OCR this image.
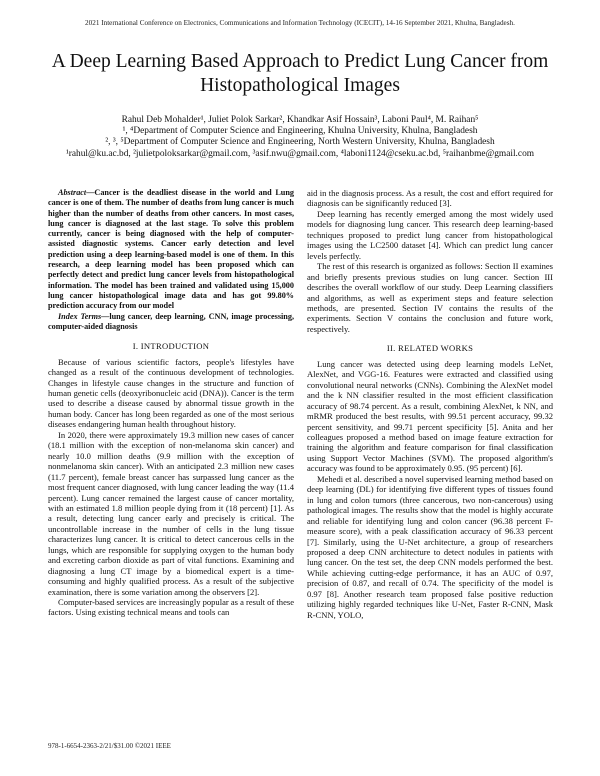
2021 International Conference on Electronics, Communications and Information Technology (ICECIT), 14-16 September 2021, Khulna, Bangladesh.
A Deep Learning Based Approach to Predict Lung Cancer from Histopathological Images
Rahul Deb Mohalder¹, Juliet Polok Sarkar², Khandkar Asif Hossain³, Laboni Paul⁴, M. Raihan⁵
¹, ⁴Department of Computer Science and Engineering, Khulna University, Khulna, Bangladesh
², ³, ⁵Department of Computer Science and Engineering, North Western University, Khulna, Bangladesh
¹rahul@ku.ac.bd, ²julietpoloksarkar@gmail.com, ³asif.nwu@gmail.com, ⁴laboni1124@cseku.ac.bd, ⁵raihanbme@gmail.com

Abstract—Cancer is the deadliest disease in the world and Lung cancer is one of them. The number of deaths from lung cancer is much higher than the number of deaths from other cancers. In most cases, lung cancer is diagnosed at the last stage. To solve this problem currently, cancer is being diagnosed with the help of computer-assisted diagnostic systems. Cancer early detection and level prediction using a deep learning-based model is one of them. In this research, a deep learning model has been proposed which can perfectly detect and predict lung cancer levels from histopathological information. The model has been trained and validated using 15,000 lung cancer histopathological image data and has got 99.80% prediction accuracy from our model

Index Terms—lung cancer, deep learning, CNN, image processing, computer-aided diagnosis

I. INTRODUCTION

Because of various scientific factors, people's lifestyles have changed as a result of the continuous development of technologies. Changes in lifestyle cause changes in the structure and function of human genetic cells (deoxyribonucleic acid (DNA)). Cancer is the term used to describe a disease caused by abnormal tissue growth in the human body. Cancer has long been regarded as one of the most serious diseases endangering human health throughout history.

In 2020, there were approximately 19.3 million new cases of cancer (18.1 million with the exception of non-melanoma skin cancer) and nearly 10.0 million deaths (9.9 million with the exception of nonmelanoma skin cancer). With an anticipated 2.3 million new cases (11.7 percent), female breast cancer has surpassed lung cancer as the most frequent cancer diagnosed, with lung cancer leading the way (11.4 percent). Lung cancer remained the largest cause of cancer mortality, with an estimated 1.8 million people dying from it (18 percent) [1]. As a result, detecting lung cancer early and precisely is critical. The uncontrollable increase in the number of cells in the lung tissue characterizes lung cancer. It is critical to detect cancerous cells in the lungs, which are responsible for supplying oxygen to the human body and excreting carbon dioxide as part of vital functions. Examining and diagnosing a lung CT image by a biomedical expert is a time-consuming and highly qualified process. As a result of the subjective examination, there is some variation among the observers [2].

Computer-based services are increasingly popular as a result of these factors. Using existing technical means and tools can

aid in the diagnosis process. As a result, the cost and effort required for diagnosis can be significantly reduced [3].

Deep learning has recently emerged among the most widely used models for diagnosing lung cancer. This research deep learning-based techniques proposed to predict lung cancer from histopathological images using the LC2500 dataset [4]. Which can predict lung cancer levels perfectly.

The rest of this research is organized as follows: Section II examines and briefly presents previous studies on lung cancer. Section III describes the overall workflow of our study. Deep Learning classifiers and algorithms, as well as experiment steps and feature selection methods, are presented. Section IV contains the results of the experiments. Section V contains the conclusion and future work, respectively.

II. RELATED WORKS

Lung cancer was detected using deep learning models LeNet, AlexNet, and VGG-16. Features were extracted and classified using convolutional neural networks (CNNs). Combining the AlexNet model and the k NN classifier resulted in the most efficient classification accuracy of 98.74 percent. As a result, combining AlexNet, k NN, and mRMR produced the best results, with 99.51 percent accuracy, 99.32 percent sensitivity, and 99.71 percent specificity [5]. Anita and her colleagues proposed a method based on image feature extraction for training the algorithm and feature comparison for final classification using Support Vector Machines (SVM). The proposed algorithm's accuracy was found to be approximately 0.95. (95 percent) [6].

Mehedi et al. described a novel supervised learning method based on deep learning (DL) for identifying five different types of tissues found in lung and colon tumors (three cancerous, two non-cancerous) using pathological images. The results show that the model is highly accurate and reliable for identifying lung and colon cancer (96.38 percent F-measure score), with a peak classification accuracy of 96.33 percent [7]. Similarly, using the U-Net architecture, a group of researchers proposed a deep CNN architecture to detect nodules in patients with lung cancer. On the test set, the deep CNN models performed the best. While achieving cutting-edge performance, it has an AUC of 0.97, precision of 0.87, and recall of 0.74. The specificity of the model is 0.97 [8]. Another research team proposed false positive reduction utilizing highly regarded techniques like U-Net, Faster R-CNN, Mask R-CNN, YOLO,

978-1-6654-2363-2/21/$31.00 ©2021 IEEE
